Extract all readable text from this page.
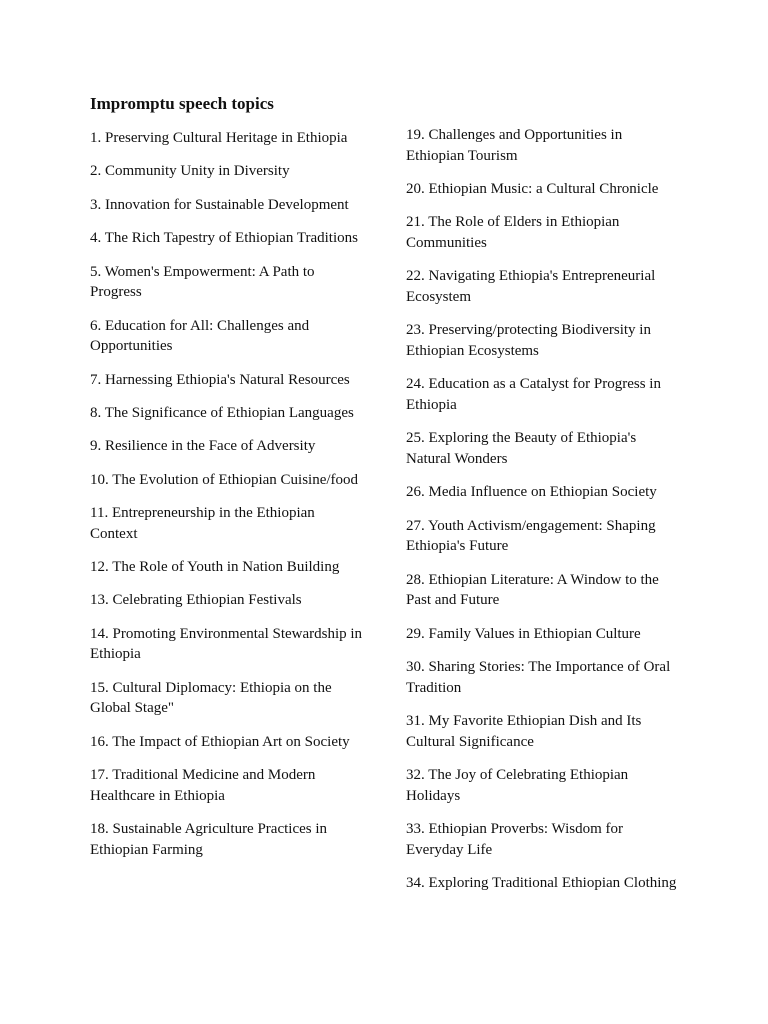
Impromptu speech topics
1. Preserving Cultural Heritage in Ethiopia
2. Community Unity in Diversity
3. Innovation for Sustainable Development
4. The Rich Tapestry of Ethiopian Traditions
5. Women's Empowerment: A Path to Progress
6. Education for All: Challenges and Opportunities
7. Harnessing Ethiopia's Natural Resources
8. The Significance of Ethiopian Languages
9. Resilience in the Face of Adversity
10. The Evolution of Ethiopian Cuisine/food
11. Entrepreneurship in the Ethiopian Context
12. The Role of Youth in Nation Building
13. Celebrating Ethiopian Festivals
14. Promoting Environmental Stewardship in Ethiopia
15. Cultural Diplomacy: Ethiopia on the Global Stage"
16. The Impact of Ethiopian Art on Society
17. Traditional Medicine and Modern Healthcare in Ethiopia
18. Sustainable Agriculture Practices in Ethiopian Farming
19. Challenges and Opportunities in Ethiopian Tourism
20. Ethiopian Music: a Cultural Chronicle
21. The Role of Elders in Ethiopian Communities
22. Navigating Ethiopia's Entrepreneurial Ecosystem
23. Preserving/protecting Biodiversity in Ethiopian Ecosystems
24. Education as a Catalyst for Progress in Ethiopia
25. Exploring the Beauty of Ethiopia's Natural Wonders
26. Media Influence on Ethiopian Society
27. Youth Activism/engagement: Shaping Ethiopia's Future
28. Ethiopian Literature: A Window to the Past and Future
29. Family Values in Ethiopian Culture
30. Sharing Stories: The Importance of Oral Tradition
31. My Favorite Ethiopian Dish and Its Cultural Significance
32. The Joy of Celebrating Ethiopian Holidays
33. Ethiopian Proverbs: Wisdom for Everyday Life
34. Exploring Traditional Ethiopian Clothing
